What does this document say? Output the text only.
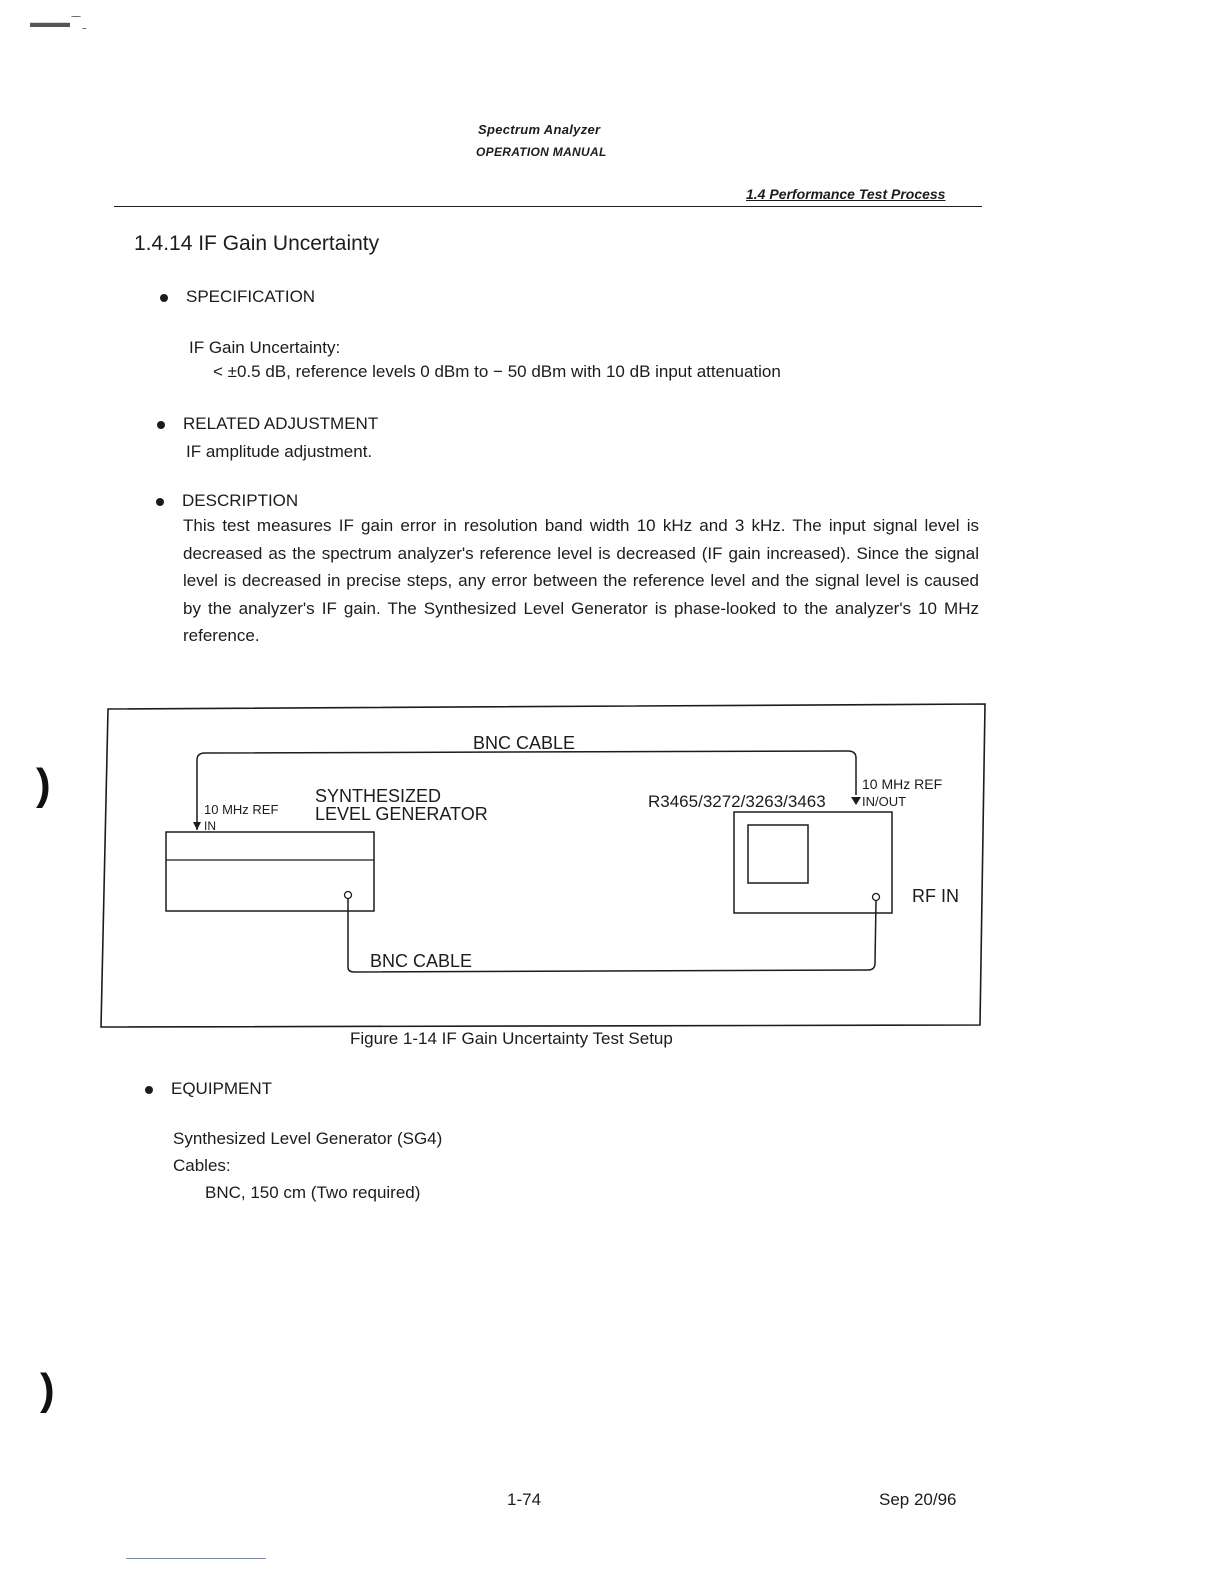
▬▬▬ ‾‾ ˍ
)
)
Spectrum Analyzer
OPERATION MANUAL
1.4 Performance Test Process
1.4.14 IF Gain Uncertainty
SPECIFICATION
IF Gain Uncertainty:
< ±0.5 dB, reference levels 0 dBm to − 50 dBm with 10 dB input attenuation
RELATED ADJUSTMENT
IF amplitude adjustment.
DESCRIPTION
This test measures IF gain error in resolution band width 10 kHz and 3 kHz. The input signal level is decreased as the spectrum analyzer's reference level is decreased (IF gain increased). Since the signal level is decreased in precise steps, any error between the reference level and the signal level is caused by the analyzer's IF gain. The Synthesized Level Generator is phase-looked to the analyzer's 10 MHz reference.
BNC CABLE
10 MHz REF
IN
SYNTHESIZED
LEVEL GENERATOR
R3465/3272/3263/3463
10 MHz REF
IN/OUT
RF IN
BNC CABLE
Figure 1-14 IF Gain Uncertainty Test Setup
EQUIPMENT
Synthesized Level Generator (SG4)
Cables:
BNC, 150 cm (Two required)
1-74	Sep 20/96
